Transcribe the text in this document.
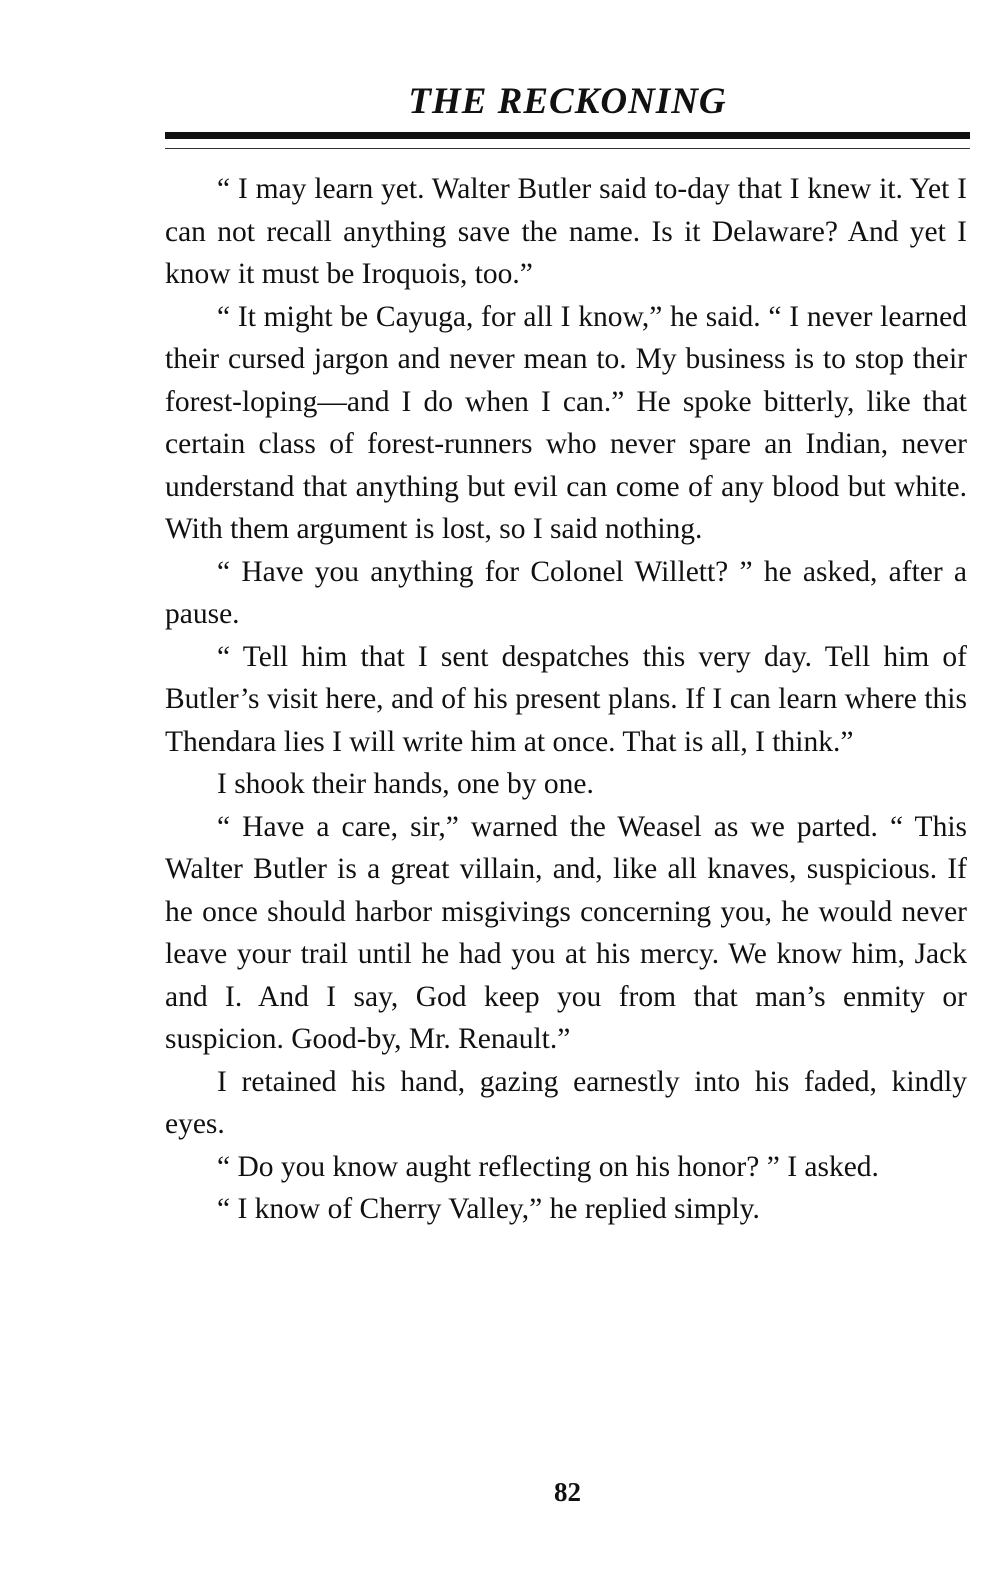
THE RECKONING

“ I may learn yet. Walter Butler said to-day that I knew it. Yet I can not recall anything save the name. Is it Delaware? And yet I know it must be Iroquois, too.”

“ It might be Cayuga, for all I know,” he said. “ I never learned their cursed jargon and never mean to. My business is to stop their forest-loping—and I do when I can.” He spoke bitterly, like that certain class of forest-runners who never spare an Indian, never understand that anything but evil can come of any blood but white. With them argument is lost, so I said nothing.

“ Have you anything for Colonel Willett? ” he asked, after a pause.

“ Tell him that I sent despatches this very day. Tell him of Butler’s visit here, and of his present plans. If I can learn where this Thendara lies I will write him at once. That is all, I think.”

I shook their hands, one by one.

“ Have a care, sir,” warned the Weasel as we parted. “ This Walter Butler is a great villain, and, like all knaves, suspicious. If he once should harbor misgivings concerning you, he would never leave your trail until he had you at his mercy. We know him, Jack and I. And I say, God keep you from that man’s enmity or suspicion. Good-by, Mr. Renault.”

I retained his hand, gazing earnestly into his faded, kindly eyes.

“ Do you know aught reflecting on his honor? ” I asked.

“ I know of Cherry Valley,” he replied simply.

82
